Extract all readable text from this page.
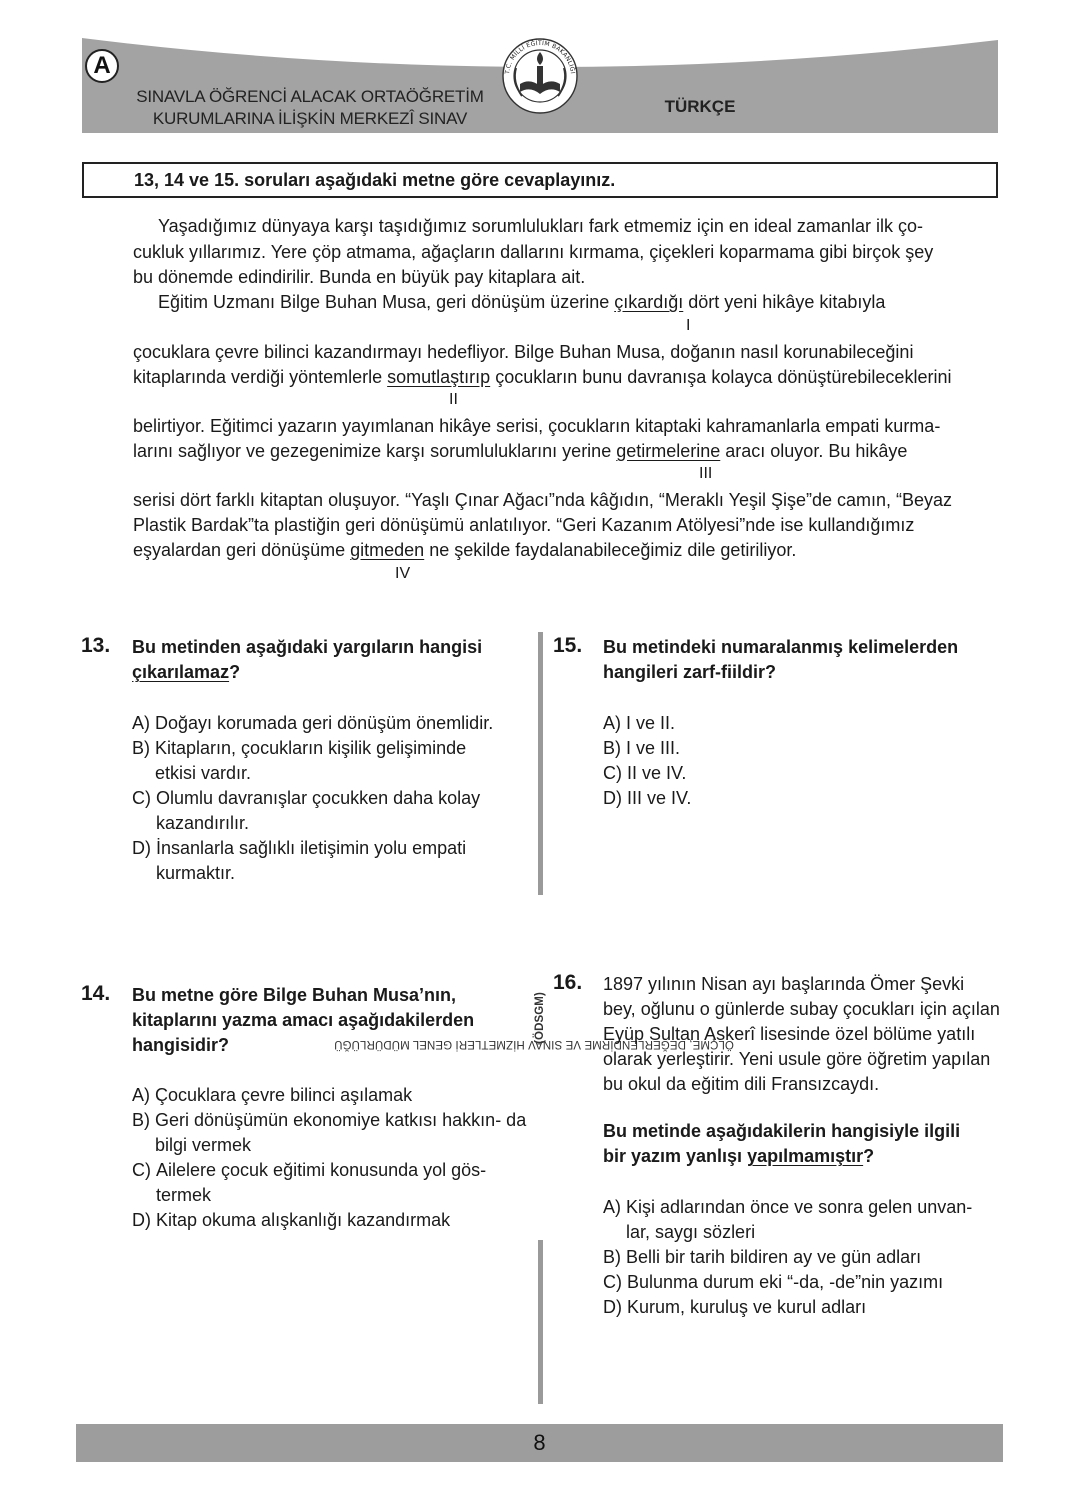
A
SINAVLA ÖĞRENCİ ALACAK ORTAÖĞRETİM
KURUMLARINA İLİŞKİN MERKEZÎ SINAV
T.C. MİLLÎ EĞİTİM BAKANLIĞI
TÜRKÇE
13, 14 ve 15. soruları aşağıdaki metne göre cevaplayınız.
Yaşadığımız dünyaya karşı taşıdığımız sorumlulukları fark etmemiz için en ideal zamanlar ilk ço-
cukluk yıllarımız. Yere çöp atmama, ağaçların dallarını kırmama, çiçekleri koparmama gibi birçok şey
bu dönemde edindirilir. Bunda en büyük pay kitaplara ait.
Eğitim Uzmanı Bilge Buhan Musa, geri dönüşüm üzerine çıkardığı dört yeni hikâye kitabıyla
I
çocuklara çevre bilinci kazandırmayı hedefliyor. Bilge Buhan Musa, doğanın nasıl korunabileceğini
kitaplarında verdiği yöntemlerle somutlaştırıp çocukların bunu davranışa kolayca dönüştürebileceklerini
II
belirtiyor. Eğitimci yazarın yayımlanan hikâye serisi, çocukların kitaptaki kahramanlarla empati kurma-
larını sağlıyor ve gezegenimize karşı sorumluluklarını yerine getirmelerine aracı oluyor. Bu hikâye
III
serisi dört farklı kitaptan oluşuyor. “Yaşlı Çınar Ağacı”nda kâğıdın, “Meraklı Yeşil Şişe”de camın, “Beyaz
Plastik Bardak”ta plastiğin geri dönüşümü anlatılıyor. “Geri Kazanım Atölyesi”nde ise kullandığımız
eşyalardan geri dönüşüme gitmeden ne şekilde faydalanabileceğimiz dile getiriliyor.
IV
13. Bu metinden aşağıdaki yargıların hangisi
çıkarılamaz?
A) Doğayı korumada geri dönüşüm önemlidir.
B) Kitapların, çocukların kişilik gelişiminde etkisi vardır.
C) Olumlu davranışlar çocukken daha kolay kazandırılır.
D) İnsanlarla sağlıklı iletişimin yolu empati kurmaktır.
14. Bu metne göre Bilge Buhan Musa’nın, kitaplarını yazma amacı aşağıdakilerden hangisidir?
A) Çocuklara çevre bilinci aşılamak
B) Geri dönüşümün ekonomiye katkısı hakkın- da bilgi vermek
C) Ailelere çocuk eğitimi konusunda yol gös- termek
D) Kitap okuma alışkanlığı kazandırmak
ÖLÇME, DEĞERLENDİRME VE SINAV HİZMETLERİ GENEL MÜDÜRLÜĞÜ
(ÖDSGM)
15. Bu metindeki numaralanmış kelimelerden hangileri zarf-fiildir?
A) I ve II.
B) I ve III.
C) II ve IV.
D) III ve IV.
16. 1897 yılının Nisan ayı başlarında Ömer Şevki bey, oğlunu o günlerde subay çocukları için açılan Eyüp Sultan Askerî lisesinde özel bölüme yatılı olarak yerleştirir. Yeni usule göre öğretim yapılan bu okul da eğitim dili Fransızcaydı.
Bu metinde aşağıdakilerin hangisiyle ilgili bir yazım yanlışı yapılmamıştır?
A) Kişi adlarından önce ve sonra gelen unvan- lar, saygı sözleri
B) Belli bir tarih bildiren ay ve gün adları
C) Bulunma durum eki “-da, -de”nin yazımı
D) Kurum, kuruluş ve kurul adları
8
